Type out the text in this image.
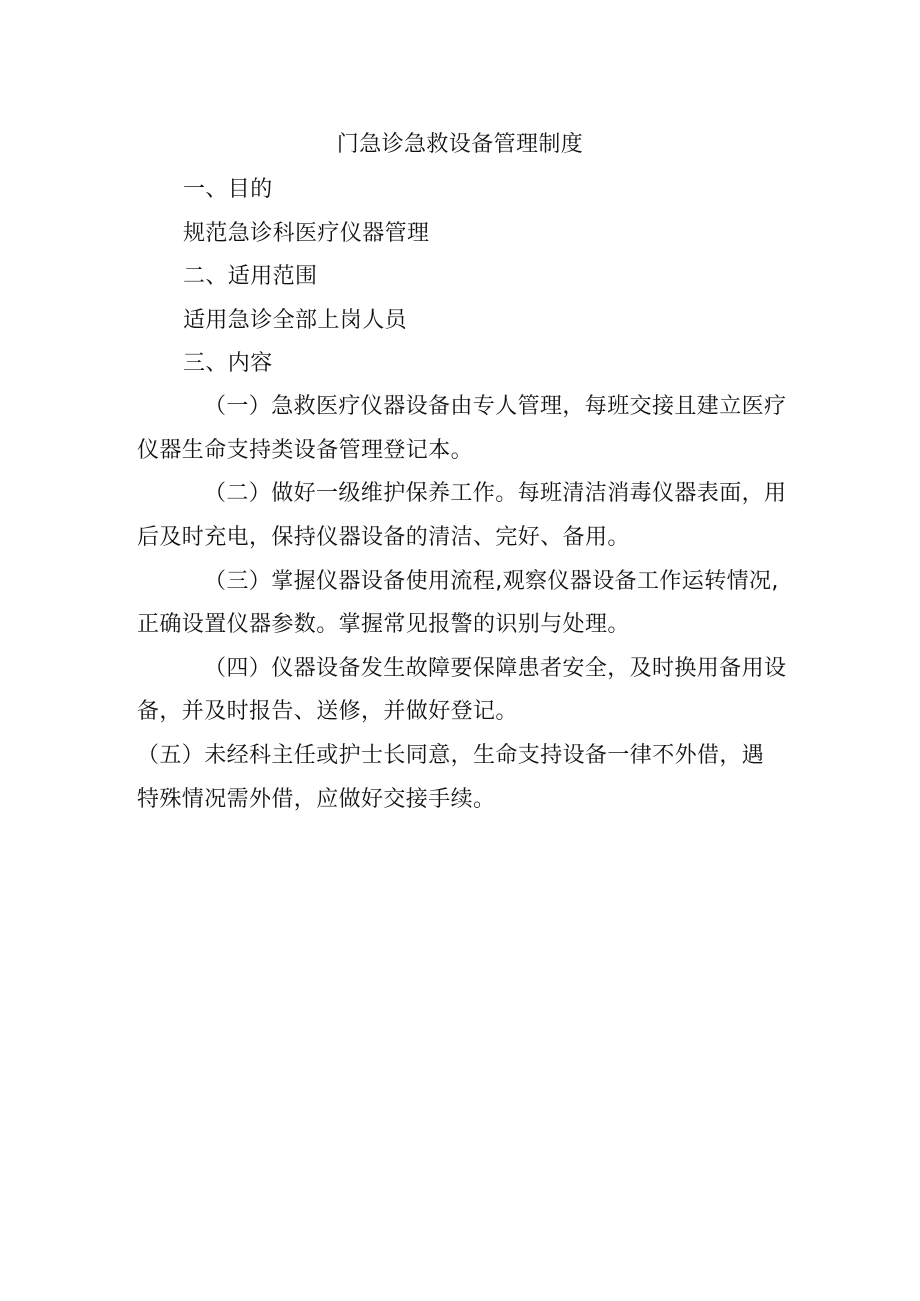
门急诊急救设备管理制度
一、目的
规范急诊科医疗仪器管理
二、适用范围
适用急诊全部上岗人员
三、内容
（一）急救医疗仪器设备由专人管理，每班交接且建立医疗
仪器生命支持类设备管理登记本。
（二）做好一级维护保养工作。每班清洁消毒仪器表面，用
后及时充电，保持仪器设备的清洁、完好、备用。
（三）掌握仪器设备使用流程,观察仪器设备工作运转情况,
正确设置仪器参数。掌握常见报警的识别与处理。
（四）仪器设备发生故障要保障患者安全，及时换用备用设
备，并及时报告、送修，并做好登记。
（五）未经科主任或护士长同意，生命支持设备一律不外借，遇
特殊情况需外借，应做好交接手续。
